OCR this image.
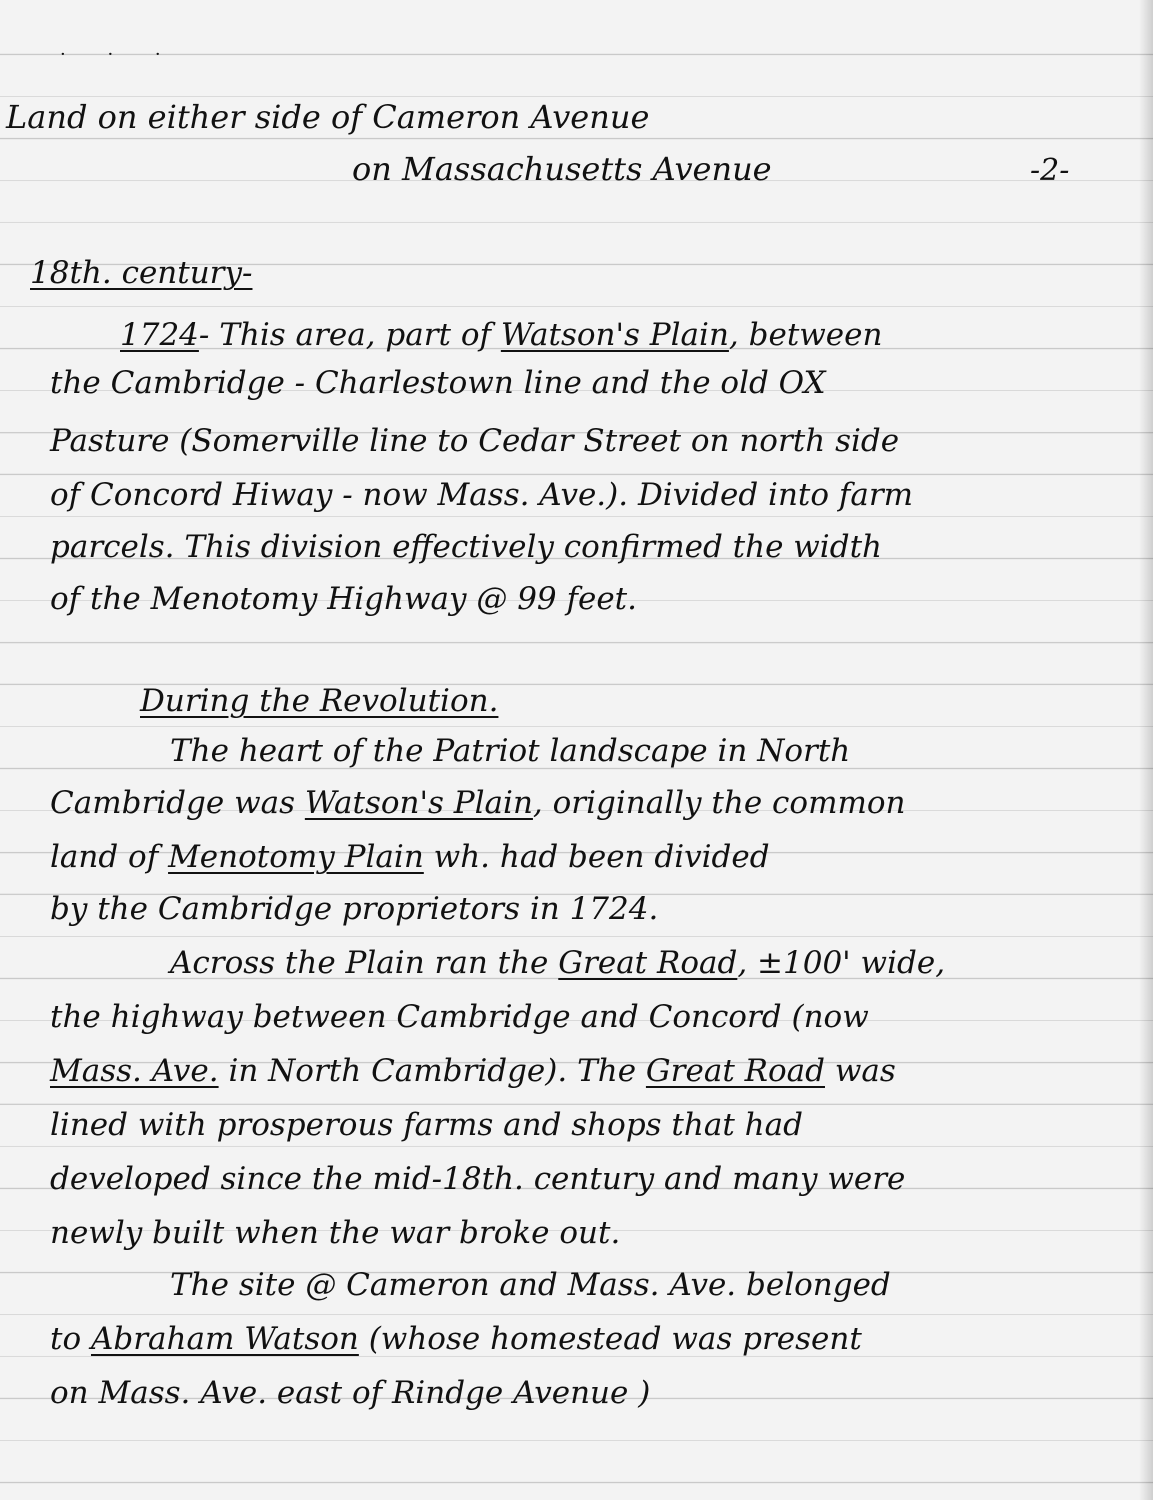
· · ·
Land on either side of Cameron Avenue
on Massachusetts Avenue	-2-
18th. century-
1724- This area, part of Watson's Plain, between
the Cambridge - Charlestown line and the old OX
Pasture (Somerville line to Cedar Street on north side
of Concord Hiway - now Mass. Ave.). Divided into farm
parcels. This division effectively confirmed the width
of the Menotomy Highway @ 99 feet.
During the Revolution.
The heart of the Patriot landscape in North
Cambridge was Watson's Plain, originally the common
land of Menotomy Plain wh. had been divided
by the Cambridge proprietors in 1724.
Across the Plain ran the Great Road, ±100' wide,
the highway between Cambridge and Concord (now
Mass. Ave. in North Cambridge). The Great Road was
lined with prosperous farms and shops that had
developed since the mid-18th. century and many were
newly built when the war broke out.
The site @ Cameron and Mass. Ave. belonged
to Abraham Watson (whose homestead was present
on Mass. Ave. east of Rindge Avenue )
